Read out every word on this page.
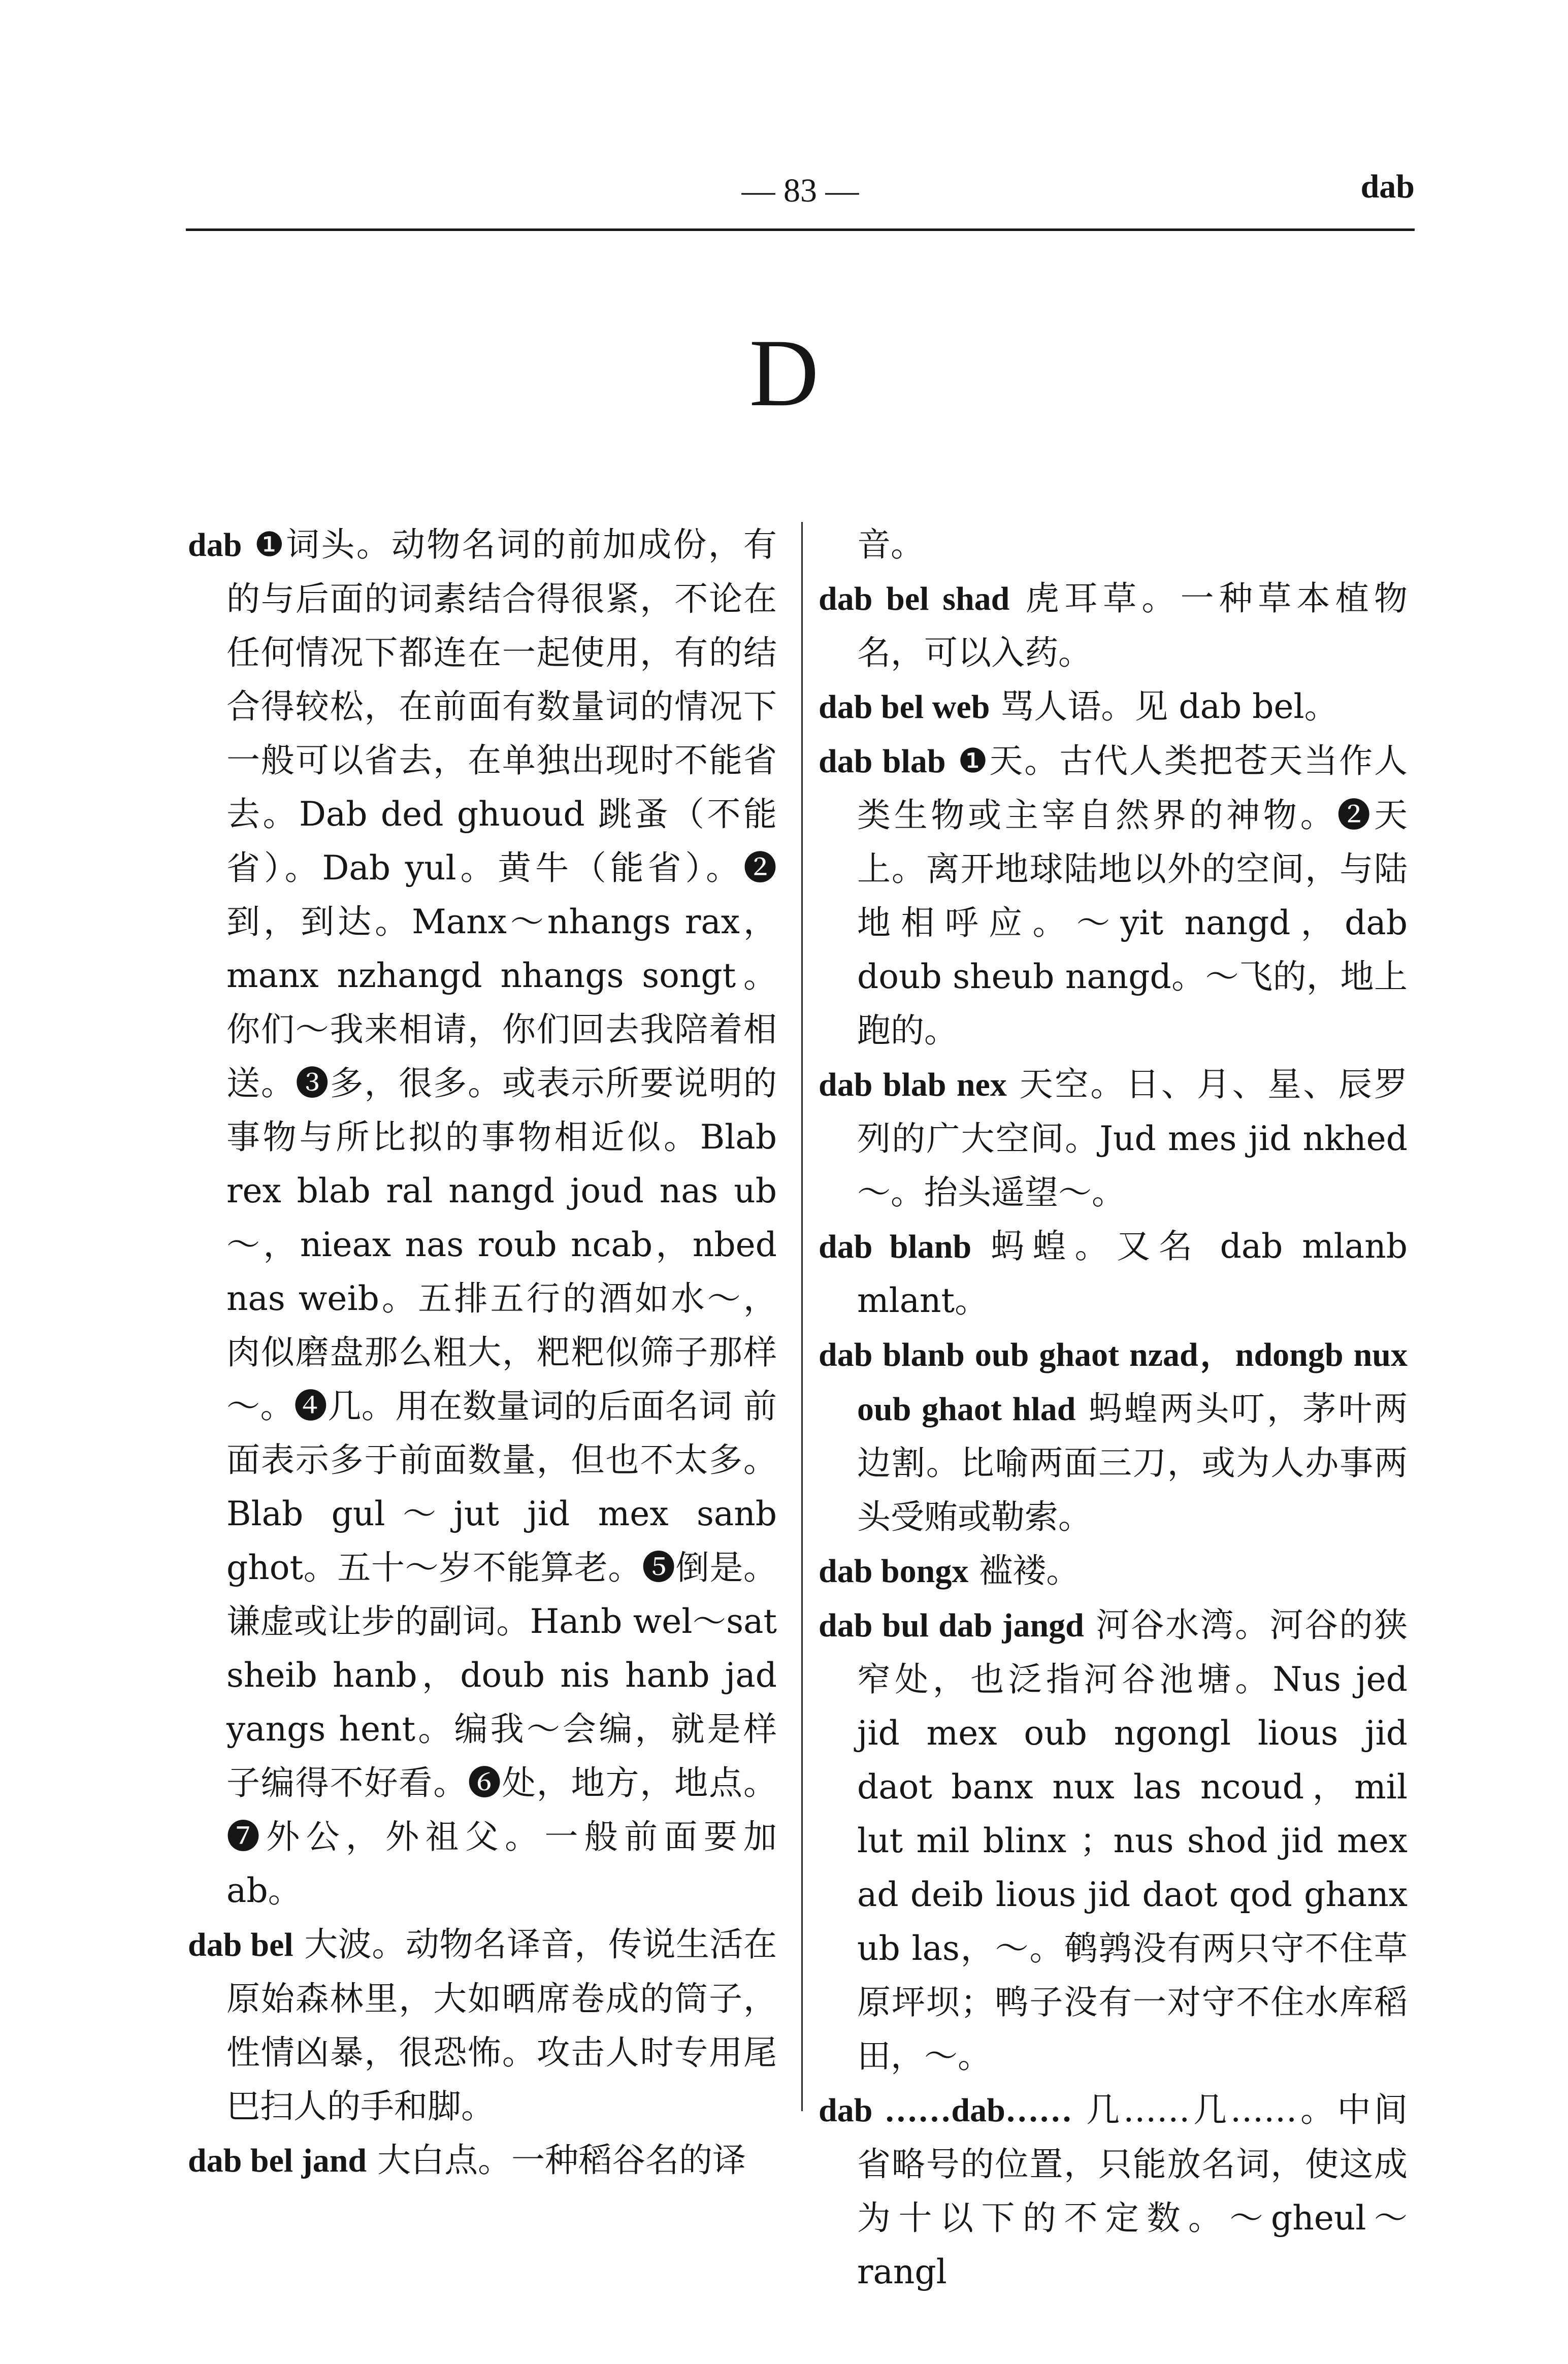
— 83 —	dab
D

dab ❶词头。动物名词的前加成份，有的与后面的词素结合得很紧，不论在任何情况下都连在一起使用，有的结合得较松，在前面有数量词的情况下一般可以省去，在单独出现时不能省去。Dab ded ghuoud 跳蚤（不能省）。Dab yul。黄牛（能省）。❷到，到达。Manx～nhangs rax，manx nzhangd nhangs songt。你们～我来相请，你们回去我陪着相送。❸多，很多。或表示所要说明的事物与所比拟的事物相近似。Blab rex blab ral nangd joud nas ub～，nieax nas roub ncab，nbed nas weib。五排五行的酒如水～，肉似磨盘那么粗大，粑粑似筛子那样～。❹几。用在数量词的后面名词 前面表示多于前面数量，但也不太多。Blab gul～jut jid mex sanb ghot。五十～岁不能算老。❺倒是。谦虚或让步的副词。Hanb wel～sat sheib hanb，doub nis hanb jad yangs hent。编我～会编，就是样子编得不好看。❻处，地方，地点。❼外公，外祖父。一般前面要加 ab。

dab bel 大波。动物名译音，传说生活在原始森林里，大如晒席卷成的筒子，性情凶暴，很恐怖。攻击人时专用尾巴扫人的手和脚。

dab bel jand 大白点。一种稻谷名的译

音。

dab bel shad 虎耳草。一种草本植物名，可以入药。

dab bel web 骂人语。见 dab bel。

dab blab ❶天。古代人类把苍天当作人类生物或主宰自然界的神物。❷天上。离开地球陆地以外的空间，与陆地相呼应。～yit nangd，dab doub sheub nangd。～飞的，地上跑的。

dab blab nex 天空。日、月、星、辰罗列的广大空间。Jud mes jid nkhed～。抬头遥望～。

dab blanb 蚂蝗。又名 dab mlanb mlant。

dab blanb oub ghaot nzad，ndongb nux oub ghaot hlad 蚂蝗两头叮，茅叶两边割。比喻两面三刀，或为人办事两头受贿或勒索。

dab bongx 褴褛。

dab bul dab jangd 河谷水湾。河谷的狭窄处，也泛指河谷池塘。Nus jed jid mex oub ngongl lious jid daot banx nux las ncoud，mil lut mil blinx ；nus shod jid mex ad deib lious jid daot qod ghanx ub las，～。鹌鹑没有两只守不住草原坪坝；鸭子没有一对守不住水库稻田，～。

dab ……dab…… 几……几……。中间省略号的位置，只能放名词，使这成为十以下的不定数。～gheul～rangl
